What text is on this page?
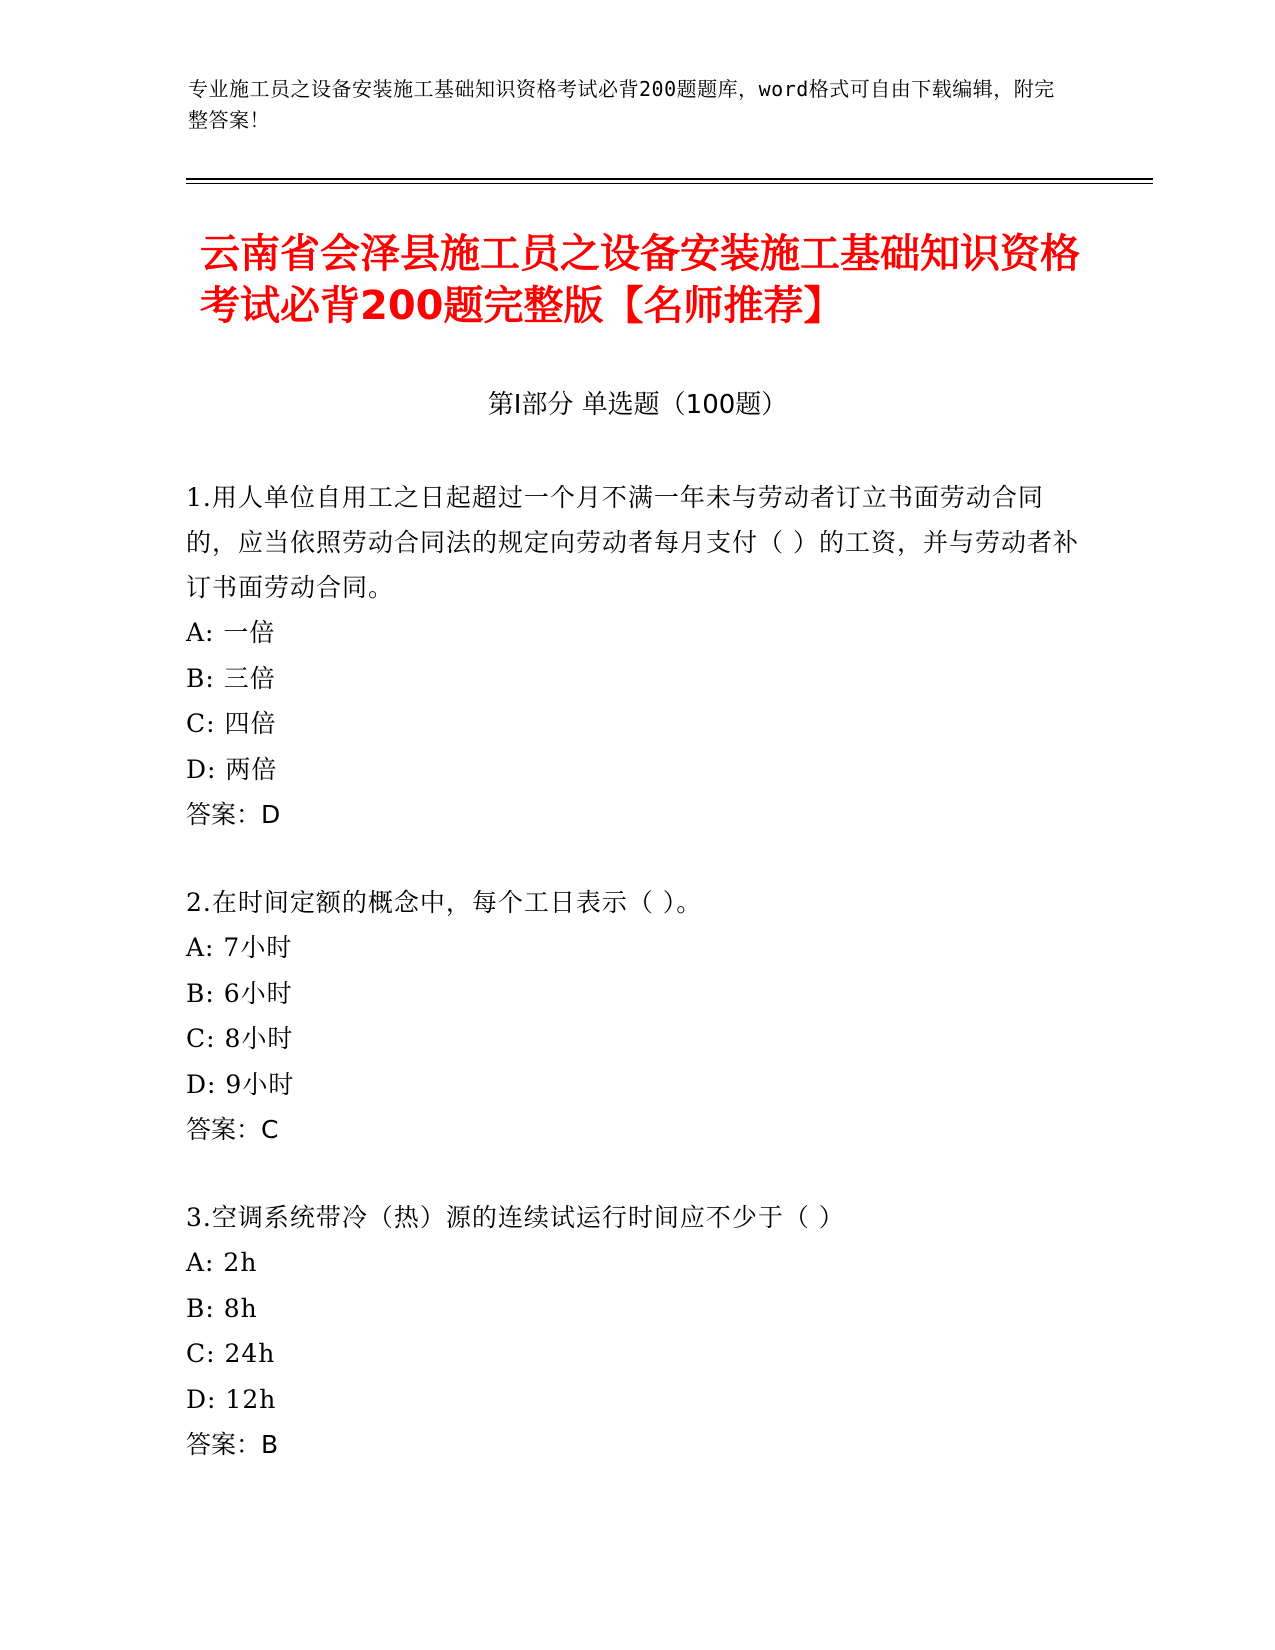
专业施工员之设备安装施工基础知识资格考试必背200题题库，word格式可自由下载编辑，附完整答案！
云南省会泽县施工员之设备安装施工基础知识资格考试必背200题完整版【名师推荐】
第I部分 单选题（100题）

1.用人单位自用工之日起超过一个月不满一年未与劳动者订立书面劳动合同的，应当依照劳动合同法的规定向劳动者每月支付（ ）的工资，并与劳动者补订书面劳动合同。

A: 一倍

B: 三倍

C: 四倍

D: 两倍

答案：D

2.在时间定额的概念中，每个工日表示（ ）。

A: 7小时

B: 6小时

C: 8小时

D: 9小时

答案：C

3.空调系统带冷（热）源的连续试运行时间应不少于（ ）

A: 2h

B: 8h

C: 24h

D: 12h

答案：B
